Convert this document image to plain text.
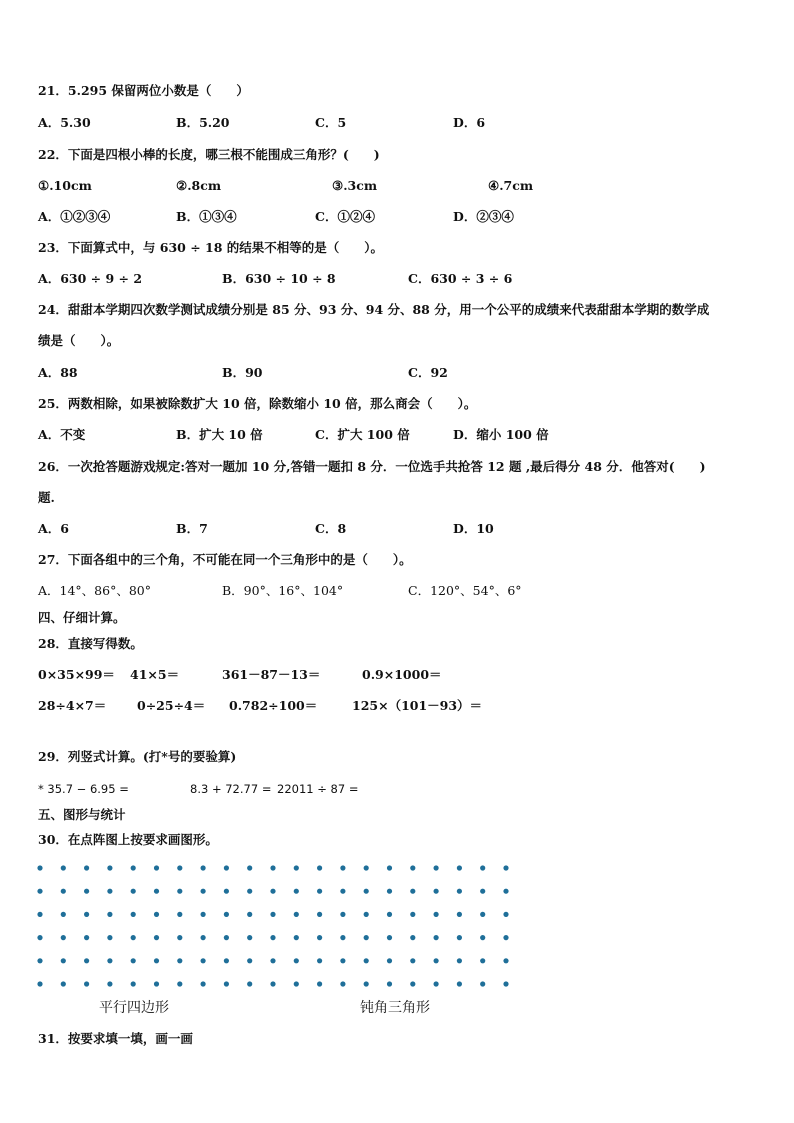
21．5.295 保留两位小数是（　　）
A．5.30	B．5.20	C．5	D．6
22．下面是四根小棒的长度，哪三根不能围成三角形？(　　)
①.10cm	②.8cm	③.3cm	④.7cm
A．①②③④	B．①③④	C．①②④	D．②③④
23．下面算式中，与 630 ÷ 18 的结果不相等的是（　　）。
A．630 ÷ 9 ÷ 2	B．630 ÷ 10 ÷ 8	C．630 ÷ 3 ÷ 6
24．甜甜本学期四次数学测试成绩分别是 85 分、93 分、94 分、88 分，用一个公平的成绩来代表甜甜本学期的数学成
绩是（　　）。
A．88	B．90	C．92
25．两数相除，如果被除数扩大 10 倍，除数缩小 10 倍，那么商会（　　）。
A．不变	B．扩大 10 倍	C．扩大 100 倍	D．缩小 100 倍
26．一次抢答题游戏规定:答对一题加 10 分,答错一题扣 8 分．一位选手共抢答 12 题 ,最后得分 48 分．他答对(　　)
题.
A．6	B．7	C．8	D．10
27．下面各组中的三个角，不可能在同一个三角形中的是（　　）。
A．14°、86°、80°	B．90°、16°、104°	C．120°、54°、6°
四、仔细计算。
28．直接写得数。
0×35×99＝ 41×5＝	361－87－13＝	0.9×1000＝
28÷4×7＝ 0÷25÷4＝ 0.782÷100＝	125×（101－93）＝
29．列竖式计算。(打*号的要验算)
* 35.7 − 6.95 =	8.3 + 72.77 = 22011 ÷ 87 =
五、图形与统计
30．在点阵图上按要求画图形。
平行四边形	钝角三角形
31．按要求填一填，画一画
